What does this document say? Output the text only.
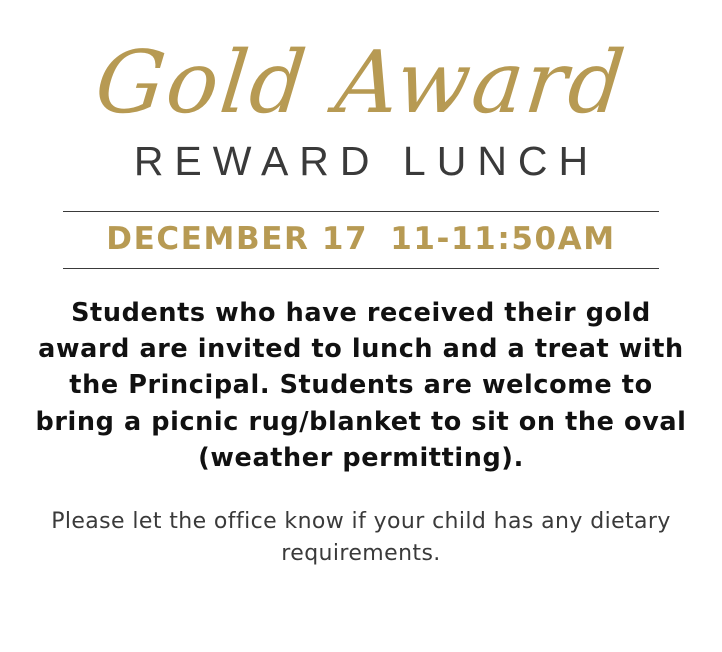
Gold Award
REWARD LUNCH
DECEMBER 17 11-11:50AM
Students who have received their gold award are invited to lunch and a treat with the Principal. Students are welcome to bring a picnic rug/blanket to sit on the oval (weather permitting).
Please let the office know if your child has any dietary requirements.
